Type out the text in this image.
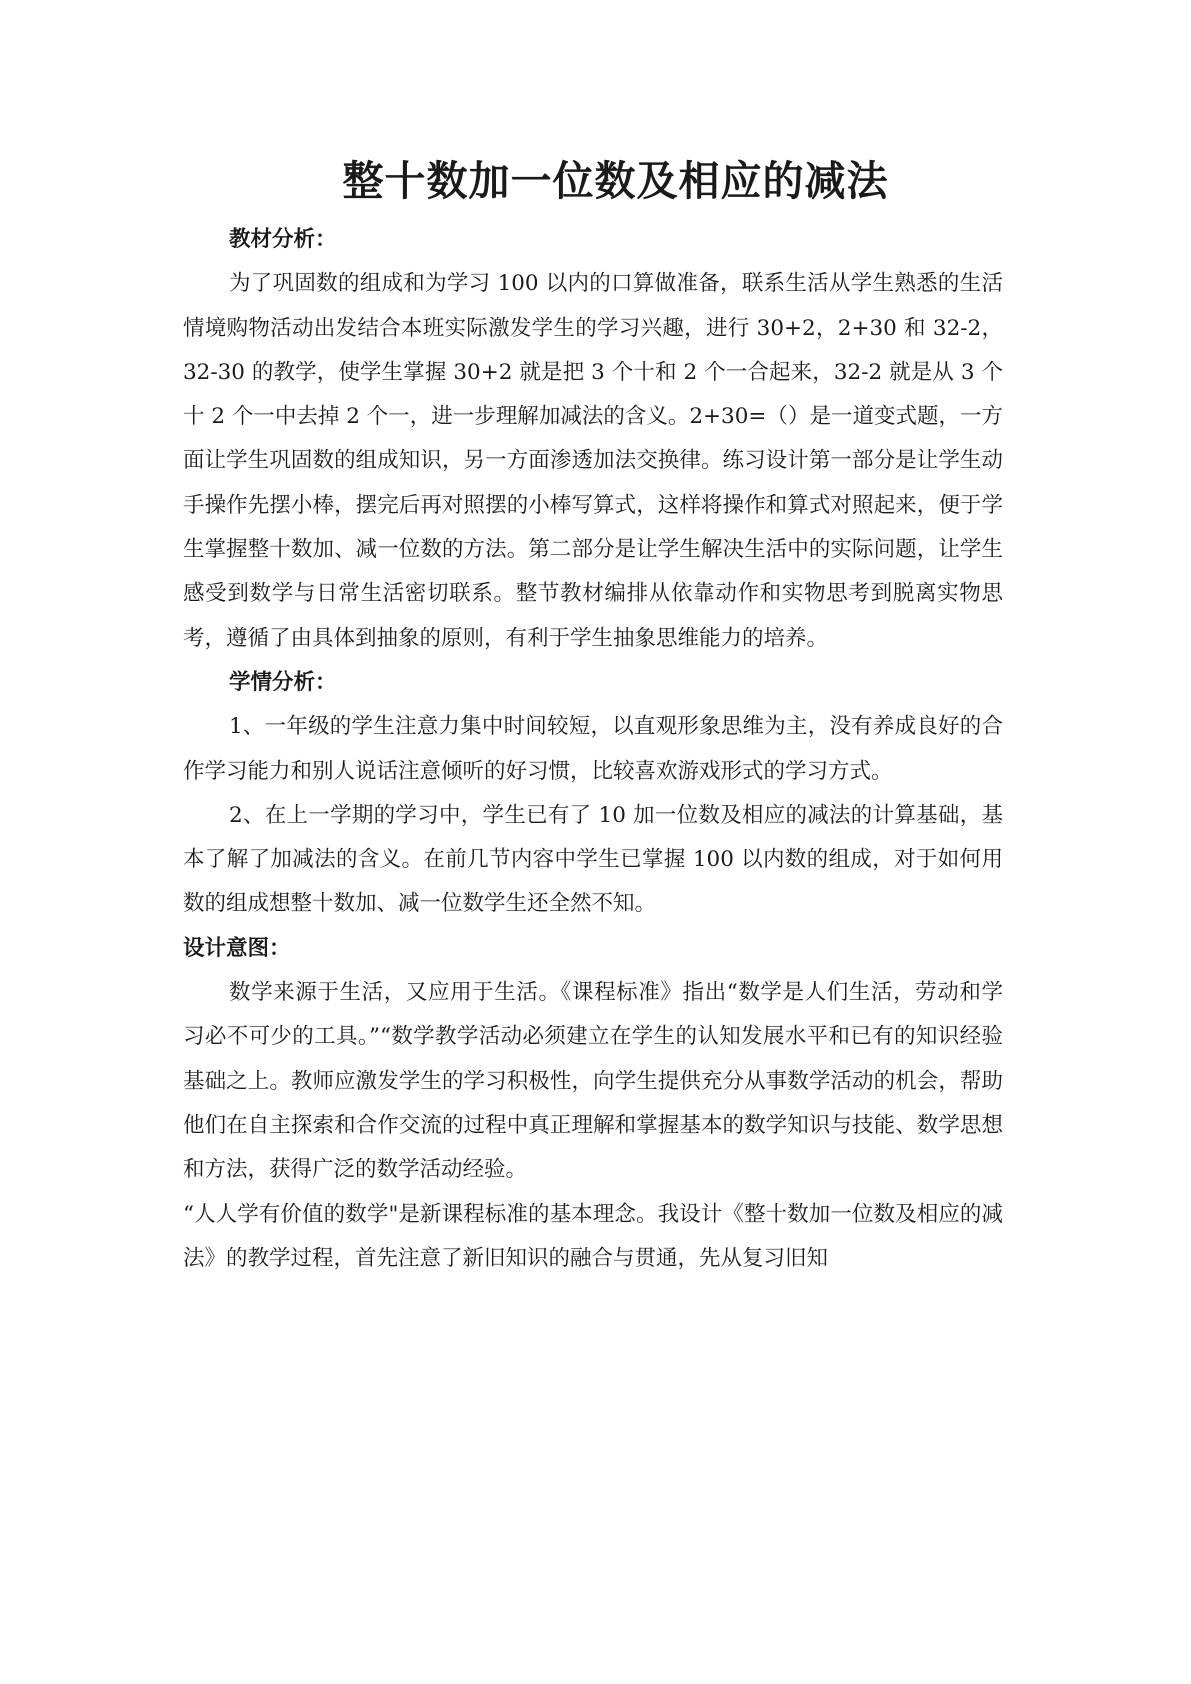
整十数加一位数及相应的减法
教材分析：

为了巩固数的组成和为学习 100 以内的口算做准备，联系生活从学生熟悉的生活情境购物活动出发结合本班实际激发学生的学习兴趣，进行 30+2，2+30 和 32-2，32-30 的教学，使学生掌握 30+2 就是把 3 个十和 2 个一合起来，32-2 就是从 3 个十 2 个一中去掉 2 个一，进一步理解加减法的含义。2+30=（）是一道变式题，一方面让学生巩固数的组成知识，另一方面渗透加法交换律。练习设计第一部分是让学生动手操作先摆小棒，摆完后再对照摆的小棒写算式，这样将操作和算式对照起来，便于学生掌握整十数加、减一位数的方法。第二部分是让学生解决生活中的实际问题，让学生感受到数学与日常生活密切联系。整节教材编排从依靠动作和实物思考到脱离实物思考，遵循了由具体到抽象的原则，有利于学生抽象思维能力的培养。

学情分析：

1、一年级的学生注意力集中时间较短，以直观形象思维为主，没有养成良好的合作学习能力和别人说话注意倾听的好习惯，比较喜欢游戏形式的学习方式。

2、在上一学期的学习中，学生已有了 10 加一位数及相应的减法的计算基础，基本了解了加减法的含义。在前几节内容中学生已掌握 100 以内数的组成，对于如何用数的组成想整十数加、减一位数学生还全然不知。

设计意图：

数学来源于生活，又应用于生活。《课程标准》指出“数学是人们生活，劳动和学习必不可少的工具。”“数学教学活动必须建立在学生的认知发展水平和已有的知识经验基础之上。教师应激发学生的学习积极性，向学生提供充分从事数学活动的机会，帮助他们在自主探索和合作交流的过程中真正理解和掌握基本的数学知识与技能、数学思想和方法，获得广泛的数学活动经验。

“人人学有价值的数学"是新课程标准的基本理念。我设计《整十数加一位数及相应的减法》的教学过程，首先注意了新旧知识的融合与贯通，先从复习旧知
